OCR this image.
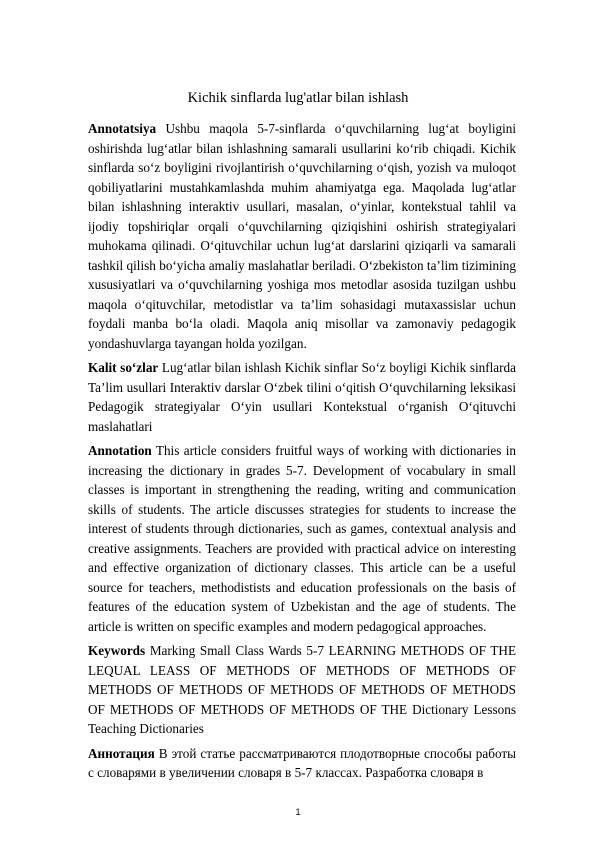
Kichik sinflarda lug'atlar bilan ishlash

Annotatsiya Ushbu maqola 5-7-sinflarda o‘quvchilarning lug‘at boyligini oshirishda lug‘atlar bilan ishlashning samarali usullarini ko‘rib chiqadi. Kichik sinflarda so‘z boyligini rivojlantirish o‘quvchilarning o‘qish, yozish va muloqot qobiliyatlarini mustahkamlashda muhim ahamiyatga ega. Maqolada lug‘atlar bilan ishlashning interaktiv usullari, masalan, o‘yinlar, kontekstual tahlil va ijodiy topshiriqlar orqali o‘quvchilarning qiziqishini oshirish strategiyalari muhokama qilinadi. O‘qituvchilar uchun lug‘at darslarini qiziqarli va samarali tashkil qilish bo‘yicha amaliy maslahatlar beriladi. O‘zbekiston ta’lim tizimining xususiyatlari va o‘quvchilarning yoshiga mos metodlar asosida tuzilgan ushbu maqola o‘qituvchilar, metodistlar va ta’lim sohasidagi mutaxassislar uchun foydali manba bo‘la oladi. Maqola aniq misollar va zamonaviy pedagogik yondashuvlarga tayangan holda yozilgan.

Kalit so‘zlar Lug‘atlar bilan ishlash Kichik sinflar So‘z boyligi Kichik sinflarda Ta’lim usullari Interaktiv darslar O‘zbek tilini o‘qitish O‘quvchilarning leksikasi Pedagogik strategiyalar O‘yin usullari Kontekstual o‘rganish O‘qituvchi maslahatlari

Annotation This article considers fruitful ways of working with dictionaries in increasing the dictionary in grades 5-7. Development of vocabulary in small classes is important in strengthening the reading, writing and communication skills of students. The article discusses strategies for students to increase the interest of students through dictionaries, such as games, contextual analysis and creative assignments. Teachers are provided with practical advice on interesting and effective organization of dictionary classes. This article can be a useful source for teachers, methodistists and education professionals on the basis of features of the education system of Uzbekistan and the age of students. The article is written on specific examples and modern pedagogical approaches.

Keywords Marking Small Class Wards 5-7 LEARNING METHODS OF THE LEQUAL LEASS OF METHODS OF METHODS OF METHODS OF METHODS OF METHODS OF METHODS OF METHODS OF METHODS OF METHODS OF METHODS OF METHODS OF THE Dictionary Lessons Teaching Dictionaries

Аннотация В этой статье рассматриваются плодотворные способы работы с словарями в увеличении словаря в 5-7 классах. Разработка словаря в

1
